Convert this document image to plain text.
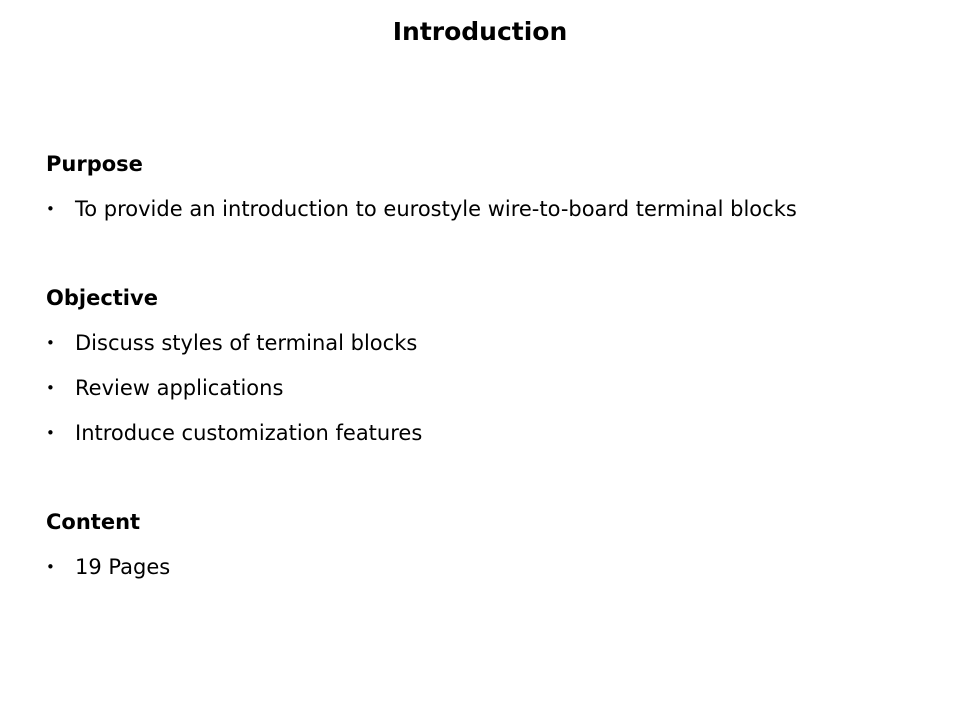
Introduction
Purpose
• To provide an introduction to eurostyle wire-to-board terminal blocks
Objective
• Discuss styles of terminal blocks
• Review applications
• Introduce customization features
Content
• 19 Pages
